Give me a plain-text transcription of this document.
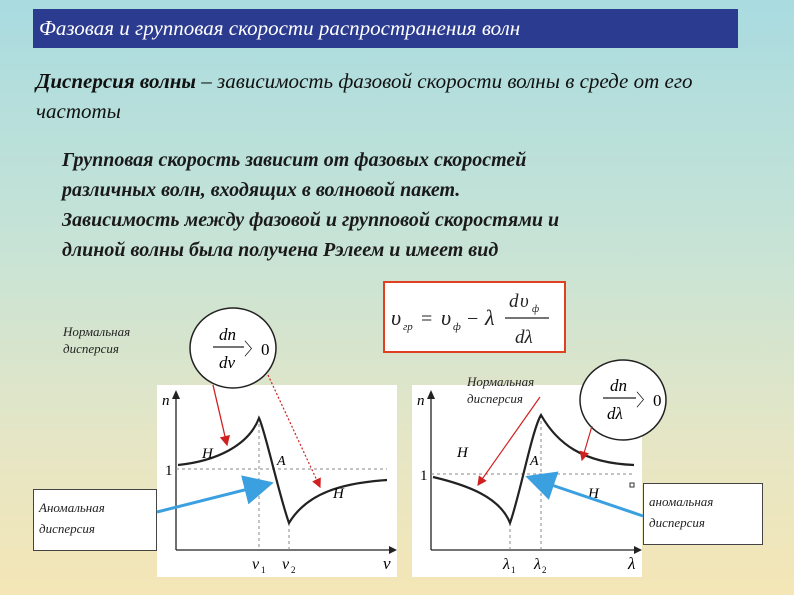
Фазовая и групповая скорости распространения волн
Дисперсия волны – зависимость фазовой скорости волны в среде от его частоты
Групповая скорость зависит от фазовых скоростей
различных волн, входящих в волновой пакет.
Зависимость между фазовой и групповой скоростями и
длиной волны была получена Рэлеем и имеет вид
υ гр = υ ф − λ
d υ ф
dλ
n
ν
1
H	A
H
ν 1 ν 2
n
λ
1
H
A
H
λ 1 λ 2
Аномальная
дисперсия
аномальная
дисперсия
Нормальная
дисперсия
Нормальная
дисперсия
dn
dν
〉0
dn
dλ
〉0
